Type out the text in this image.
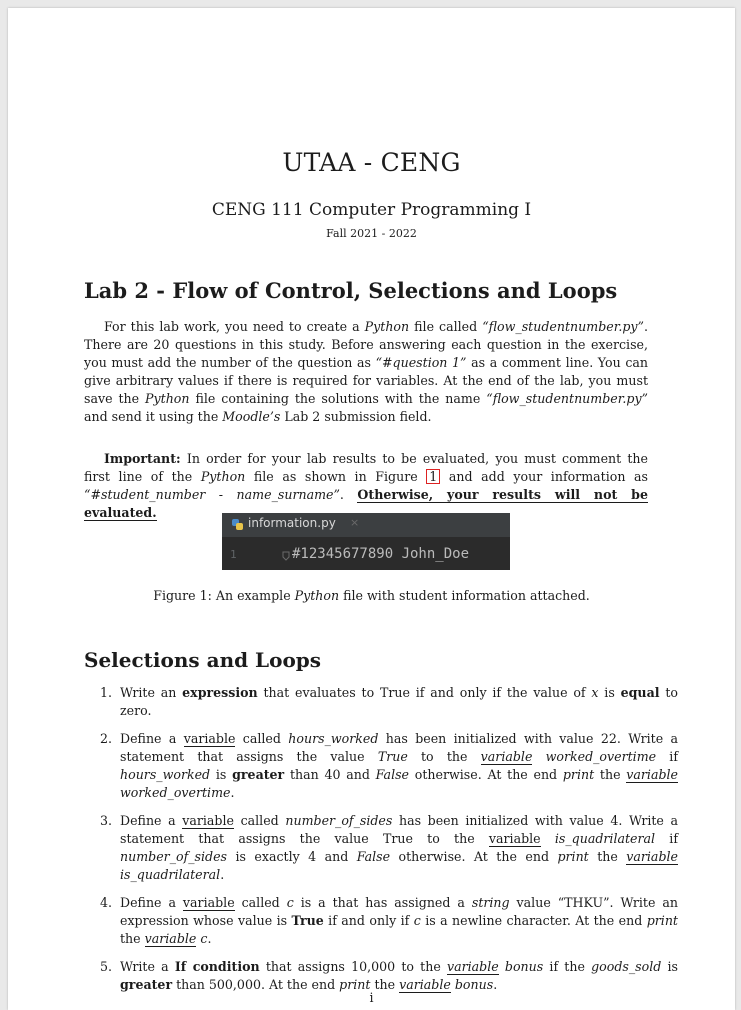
UTAA - CENG
CENG 111 Computer Programming I
Fall 2021 - 2022
Lab 2 - Flow of Control, Selections and Loops

For this lab work, you need to create a Python file called “flow_studentnumber.py”. There are 20 questions in this study. Before answering each question in the exercise, you must add the number of the question as “#question 1” as a comment line. You can give arbitrary values if there is required for variables. At the end of the lab, you must save the Python file containing the solutions with the name “flow_studentnumber.py” and send it using the Moodle’s Lab 2 submission field.

Important: In order for your lab results to be evaluated, you must comment the first line of the Python file as shown in Figure 1 and add your information as “#student_number - name_surname”. Otherwise, your results will not be evaluated.

information.py ×
1	#12345677890 John_Doe
Figure 1: An example Python file with student information attached.
Selections and Loops
1. Write an expression that evaluates to True if and only if the value of x is equal to zero.
2. Define a variable called hours_worked has been initialized with value 22. Write a statement that assigns the value True to the variable worked_overtime if hours_worked is greater than 40 and False otherwise. At the end print the variable worked_overtime.
3. Define a variable called number_of_sides has been initialized with value 4. Write a statement that assigns the value True to the variable is_quadrilateral if number_of_sides is exactly 4 and False otherwise. At the end print the variable is_quadrilateral.
4. Define a variable called c is a that has assigned a string value “THKU”. Write an expression whose value is True if and only if c is a newline character. At the end print the variable c.
5. Write a If condition that assigns 10,000 to the variable bonus if the goods_sold is greater than 500,000. At the end print the variable bonus.
i
